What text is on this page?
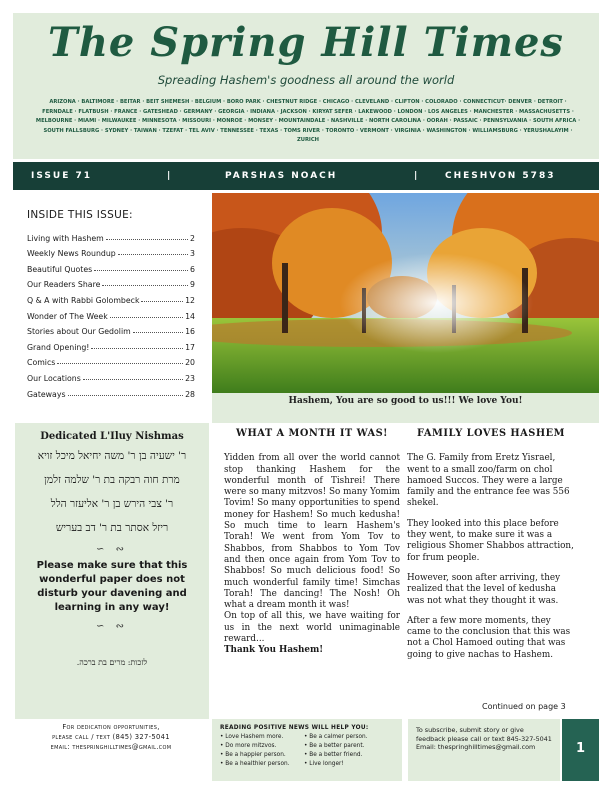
The Spring Hill Times
Spreading Hashem's goodness all around the world
ARIZONA · BALTIMORE · BEITAR · BEIT SHEMESH · BELGIUM · BORO PARK · CHESTNUT RIDGE · CHICAGO · CLEVELAND · CLIFTON · COLORADO · CONNECTICUT· DENVER · DETROIT · FERNDALE · FLATBUSH · FRANCE · GATESHEAD · GERMANY · GEORGIA · INDIANA · JACKSON · KIRYAT SEFER · LAKEWOOD · LONDON · LOS ANGELES · MANCHESTER · MASSACHUSETTS · MELBOURNE · MIAMI · MILWAUKEE · MINNESOTA · MISSOURI · MONROE · MONSEY · MOUNTAINDALE · NASHVILLE · NORTH CAROLINA · OORAH · PASSAIC · PENNSYLVANIA · SOUTH AFRICA · SOUTH FALLSBURG · SYDNEY · TAIWAN · TZEFAT · TEL AVIV · TENNESSEE · TEXAS · TOMS RIVER · TORONTO · VERMONT · VIRGINIA · WASHINGTON · WILLIAMSBURG · YERUSHALAYIM · ZURICH
ISSUE 71	|	PARSHAS NOACH	|	CHESHVON 5783
INSIDE THIS ISSUE:
Living with Hashem	2
Weekly News Roundup	3
Beautiful Quotes	6
Our Readers Share	9
Q & A with Rabbi Golombeck	12
Wonder of The Week	14
Stories about Our Gedolim	16
Grand Opening!	17
Comics	20
Our Locations	23
Gateways	28
Hashem, You are so good to us!!! We love You!
Dedicated L'Iluy Nishmas
ר' ישעיה בן ר' משה יחיאל מיכל זויא
מרת חוה רבקה בת ר' שלמה זלמן
ר' צבי הירש בן ר' אליעזר הלל
ריזל אסתר בת ר' דב בעריש
∽ ∾
Please make sure that this wonderful paper does not disturb your davening and learning in any way!
∽ ∾
לזכות: מרים בת ברכה.
WHAT A MONTH IT WAS!

Yidden from all over the world cannot stop thanking Hashem for the wonderful month of Tishrei! There were so many mitzvos! So many Yomim Tovim! So many opportunities to spend money for Hashem! So much kedusha! So much time to learn Hashem's Torah! We went from Yom Tov to Shabbos, from Shabbos to Yom Tov and then once again from Yom Tov to Shabbos! So much delicious food! So much wonderful family time! Simchas Torah! The dancing! The Nosh! Oh what a dream month it was!

On top of all this, we have waiting for us in the next world unimaginable reward...

Thank You Hashem!

FAMILY LOVES HASHEM

The G. Family from Eretz Yisrael, went to a small zoo/farm on chol hamoed Succos. They were a large family and the entrance fee was 556 shekel.

They looked into this place before they went, to make sure it was a religious Shomer Shabbos attraction, for frum people.

However, soon after arriving, they realized that the level of kedusha was not what they thought it was.

After a few more moments, they came to the conclusion that this was not a Chol Hamoed outing that was going to give nachas to Hashem.

Continued on page 3
For dedication opportunities,
please call / text (845) 327-5041
email: thespringhilltimes@gmail.com
READING POSITIVE NEWS WILL HELP YOU:
• Love Hashem more.
• Do more mitzvos.
• Be a happier person.
• Be a healthier person.
• Be a calmer person.
• Be a better parent.
• Be a better friend.
• Live longer!
To subscribe, submit story or give feedback please call or text 845-327-5041 Email: thespringhilltimes@gmail.com	1
